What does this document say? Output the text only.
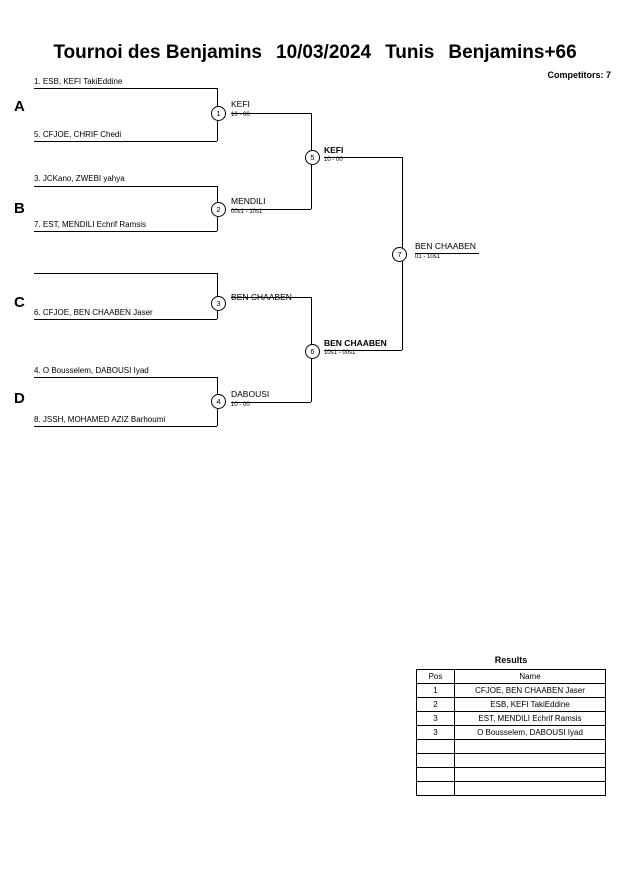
Tournoi des Benjamins 10/03/2024 Tunis Benjamins+66
Competitors: 7
A
B
C
D
1. ESB, KEFI TakiEddine
5. CFJOE, CHRIF Chedi
3. JCKano, ZWEBI yahya
7. EST, MENDILI Echrif Ramsis
6. CFJOE, BEN CHAABEN Jaser
4. O Bousselem, DABOUSI Iyad
8. JSSH, MOHAMED AZIZ Barhoumi
1
2
3
4
5
6
7
KEFI
10 - 00
MENDILI
00s1 - 10s1
BEN CHAABEN
DABOUSI
10 - 00
KEFI
10 - 00
BEN CHAABEN
10s1 - 00s1
BEN CHAABEN
01 - 10s1
Results
Pos	Name
1	CFJOE, BEN CHAABEN Jaser
2	ESB, KEFI TakiEddine
3	EST, MENDILI Echrif Ramsis
3	O Bousselem, DABOUSI Iyad
